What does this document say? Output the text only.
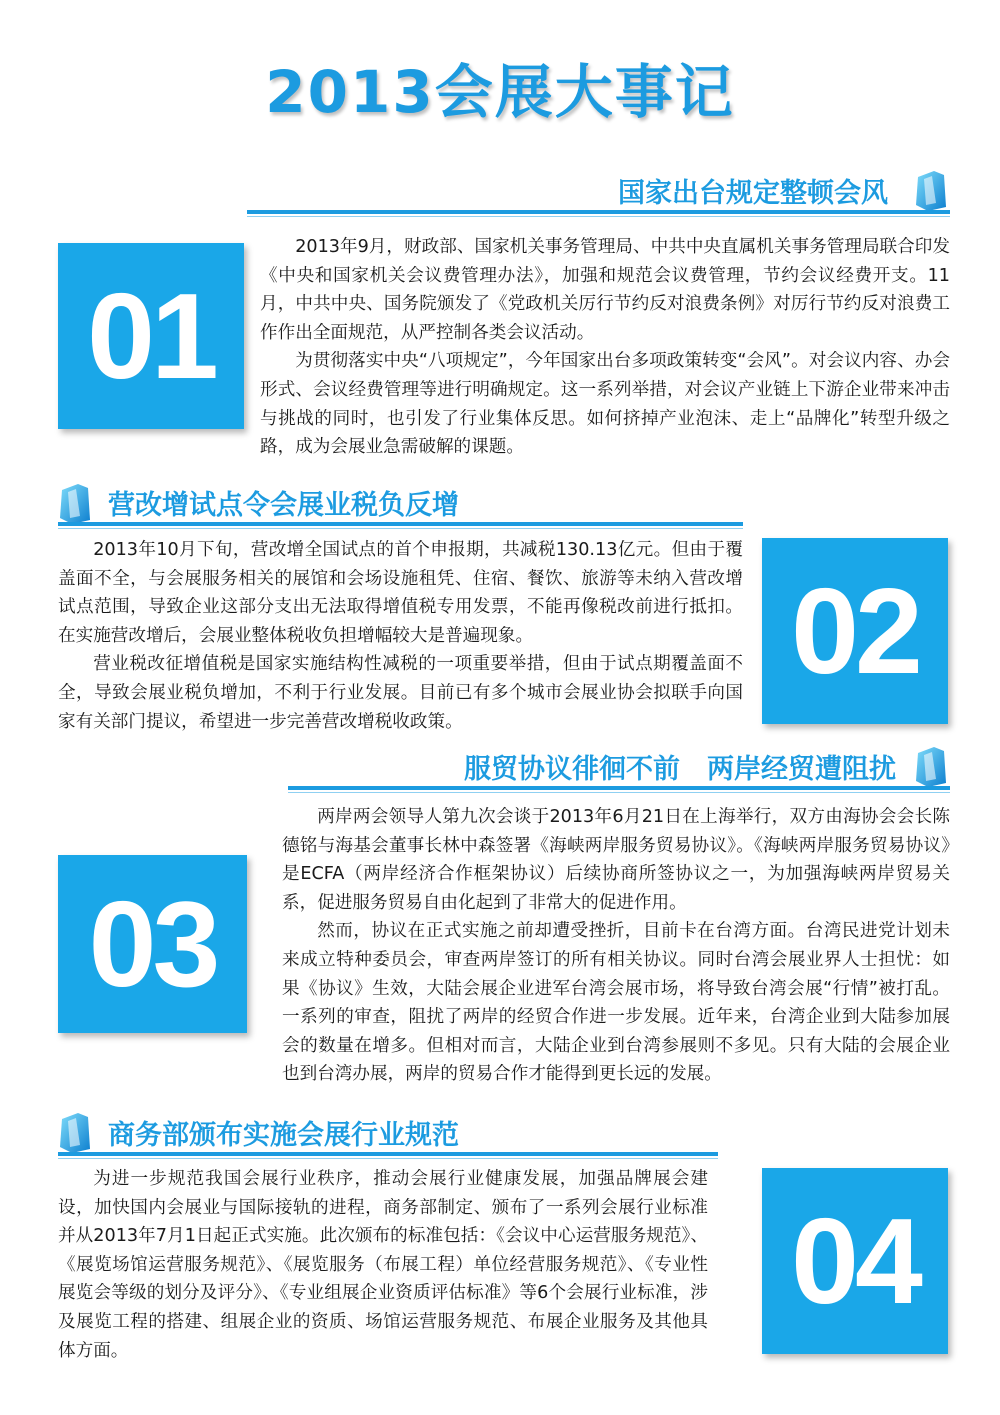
2013会展大事记
国家出台规定整顿会风
01

2013年9月，财政部、国家机关事务管理局、中共中央直属机关事务管理局联合印发《中央和国家机关会议费管理办法》，加强和规范会议费管理，节约会议经费开支。11月，中共中央、国务院颁发了《党政机关厉行节约反对浪费条例》对厉行节约反对浪费工作作出全面规范，从严控制各类会议活动。

为贯彻落实中央“八项规定”，今年国家出台多项政策转变“会风”。对会议内容、办会形式、会议经费管理等进行明确规定。这一系列举措，对会议产业链上下游企业带来冲击与挑战的同时，也引发了行业集体反思。如何挤掉产业泡沫、走上“品牌化”转型升级之路，成为会展业急需破解的课题。

营改增试点令会展业税负反增
02

2013年10月下旬，营改增全国试点的首个申报期，共减税130.13亿元。但由于覆盖面不全，与会展服务相关的展馆和会场设施租凭、住宿、餐饮、旅游等未纳入营改增试点范围，导致企业这部分支出无法取得增值税专用发票，不能再像税改前进行抵扣。在实施营改增后，会展业整体税收负担增幅较大是普遍现象。

营业税改征增值税是国家实施结构性减税的一项重要举措，但由于试点期覆盖面不全，导致会展业税负增加，不利于行业发展。目前已有多个城市会展业协会拟联手向国家有关部门提议，希望进一步完善营改增税收政策。

服贸协议徘徊不前　两岸经贸遭阻扰
03

两岸两会领导人第九次会谈于2013年6月21日在上海举行，双方由海协会会长陈德铭与海基会董事长林中森签署《海峡两岸服务贸易协议》。《海峡两岸服务贸易协议》是ECFA（两岸经济合作框架协议）后续协商所签协议之一，为加强海峡两岸贸易关系，促进服务贸易自由化起到了非常大的促进作用。

然而，协议在正式实施之前却遭受挫折，目前卡在台湾方面。台湾民进党计划未来成立特种委员会，审查两岸签订的所有相关协议。同时台湾会展业界人士担忧：如果《协议》生效，大陆会展企业进军台湾会展市场，将导致台湾会展“行情”被打乱。一系列的审查，阻扰了两岸的经贸合作进一步发展。近年来，台湾企业到大陆参加展会的数量在增多。但相对而言，大陆企业到台湾参展则不多见。只有大陆的会展企业也到台湾办展，两岸的贸易合作才能得到更长远的发展。

商务部颁布实施会展行业规范
04

为进一步规范我国会展行业秩序，推动会展行业健康发展，加强品牌展会建设，加快国内会展业与国际接轨的进程，商务部制定、颁布了一系列会展行业标准并从2013年7月1日起正式实施。此次颁布的标准包括：《会议中心运营服务规范》、《展览场馆运营服务规范》、《展览服务（布展工程）单位经营服务规范》、《专业性展览会等级的划分及评分》、《专业组展企业资质评估标准》等6个会展行业标准，涉及展览工程的搭建、组展企业的资质、场馆运营服务规范、布展企业服务及其他具体方面。
